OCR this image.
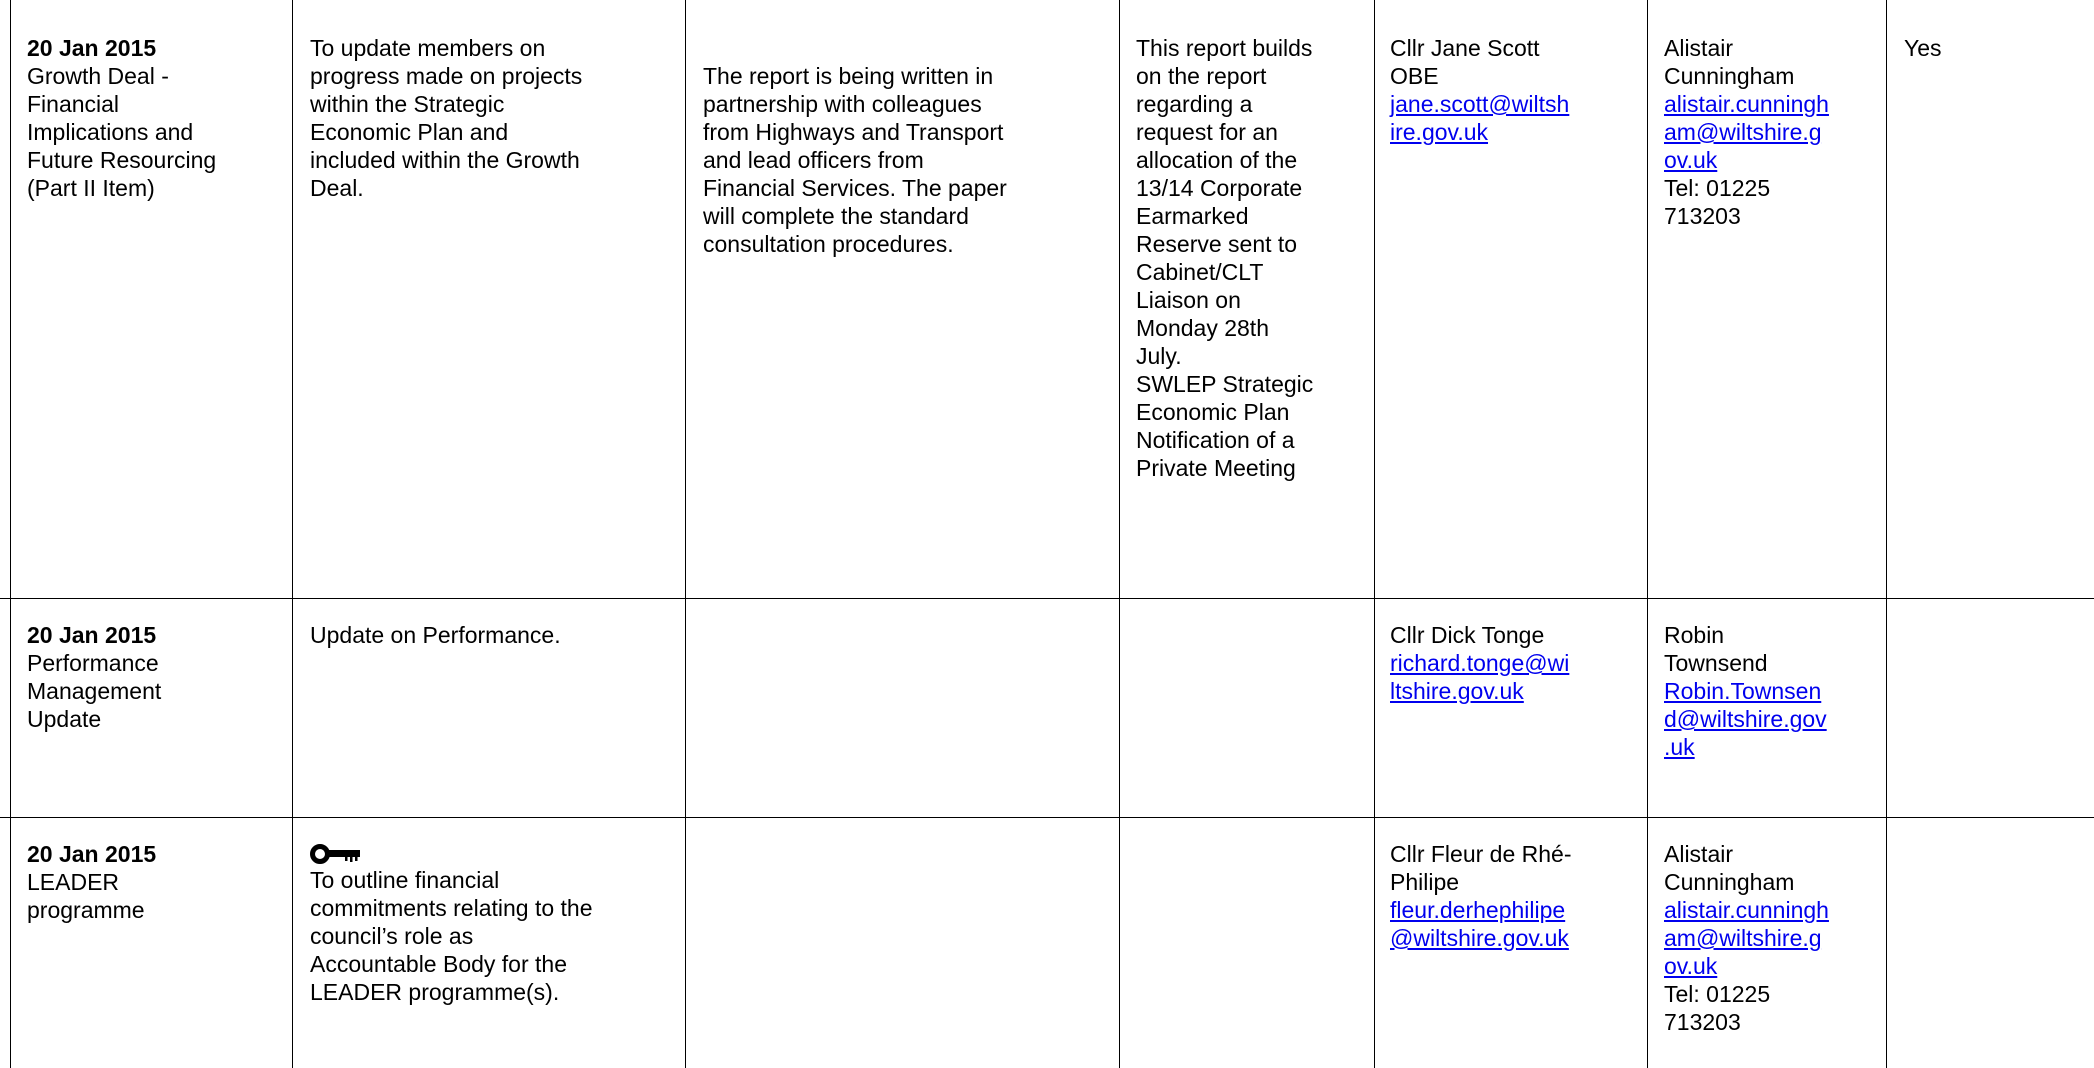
20 Jan 2015
Growth Deal -
Financial
Implications and
Future Resourcing
(Part II Item)
To update members on
progress made on projects
within the Strategic
Economic Plan and
included within the Growth
Deal.
The report is being written in
partnership with colleagues
from Highways and Transport
and lead officers from
Financial Services. The paper
will complete the standard
consultation procedures.
This report builds
on the report
regarding a
request for an
allocation of the
13/14 Corporate
Earmarked
Reserve sent to
Cabinet/CLT
Liaison on
Monday 28th
July.
SWLEP Strategic
Economic Plan
Notification of a
Private Meeting
Cllr Jane Scott
OBE
jane.scott@wiltsh
ire.gov.uk
Alistair
Cunningham
alistair.cunningh
am@wiltshire.g
ov.uk
Tel: 01225
713203
Yes
20 Jan 2015
Performance
Management
Update
Update on Performance.	Cllr Dick Tonge
richard.tonge@wi
ltshire.gov.uk
Robin
Townsend
Robin.Townsen
d@wiltshire.gov
.uk
20 Jan 2015
LEADER
programme
To outline financial
commitments relating to the
council’s role as
Accountable Body for the
LEADER programme(s).
Cllr Fleur de Rhé-
Philipe
fleur.derhephilipe
@wiltshire.gov.uk
Alistair
Cunningham
alistair.cunningh
am@wiltshire.g
ov.uk
Tel: 01225
713203
